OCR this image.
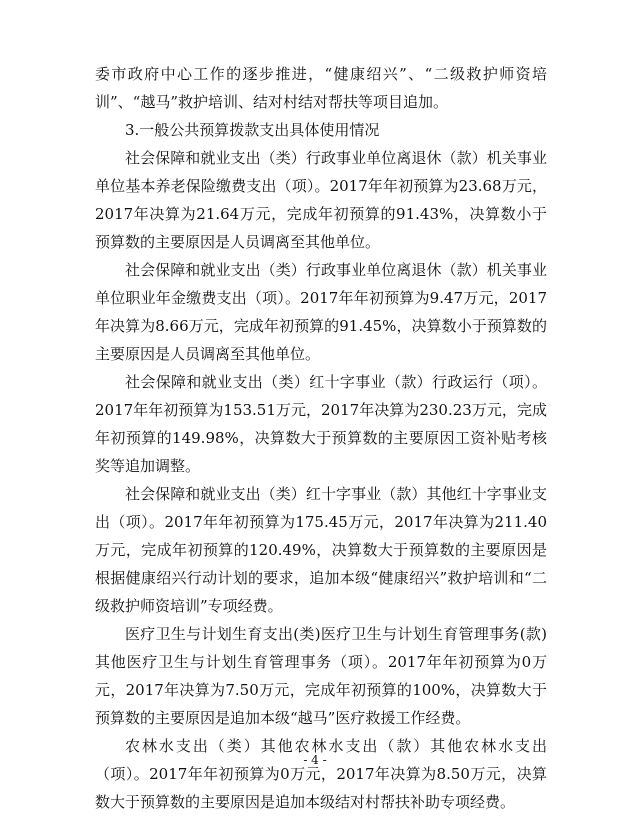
委市政府中心工作的逐步推进，“健康绍兴”、“二级救护师资培训”、“越马”救护培训、结对村结对帮扶等项目追加。

3.一般公共预算拨款支出具体使用情况

社会保障和就业支出（类）行政事业单位离退休（款）机关事业单位基本养老保险缴费支出（项）。2017年年初预算为23.68万元，2017年决算为21.64万元，完成年初预算的91.43%，决算数小于预算数的主要原因是人员调离至其他单位。

社会保障和就业支出（类）行政事业单位离退休（款）机关事业单位职业年金缴费支出（项）。2017年年初预算为9.47万元，2017年决算为8.66万元，完成年初预算的91.45%，决算数小于预算数的主要原因是人员调离至其他单位。

社会保障和就业支出（类）红十字事业（款）行政运行（项）。2017年年初预算为153.51万元，2017年决算为230.23万元，完成年初预算的149.98%，决算数大于预算数的主要原因工资补贴考核奖等追加调整。

社会保障和就业支出（类）红十字事业（款）其他红十字事业支出（项）。2017年年初预算为175.45万元，2017年决算为211.40万元，完成年初预算的120.49%，决算数大于预算数的主要原因是根据健康绍兴行动计划的要求，追加本级“健康绍兴”救护培训和“二级救护师资培训”专项经费。

医疗卫生与计划生育支出(类)医疗卫生与计划生育管理事务(款)其他医疗卫生与计划生育管理事务（项）。2017年年初预算为0万元，2017年决算为7.50万元，完成年初预算的100%，决算数大于预算数的主要原因是追加本级“越马”医疗救援工作经费。

农林水支出（类）其他农林水支出（款）其他农林水支出（项）。2017年年初预算为0万元，2017年决算为8.50万元，决算数大于预算数的主要原因是追加本级结对村帮扶补助专项经费。

- 4 -
